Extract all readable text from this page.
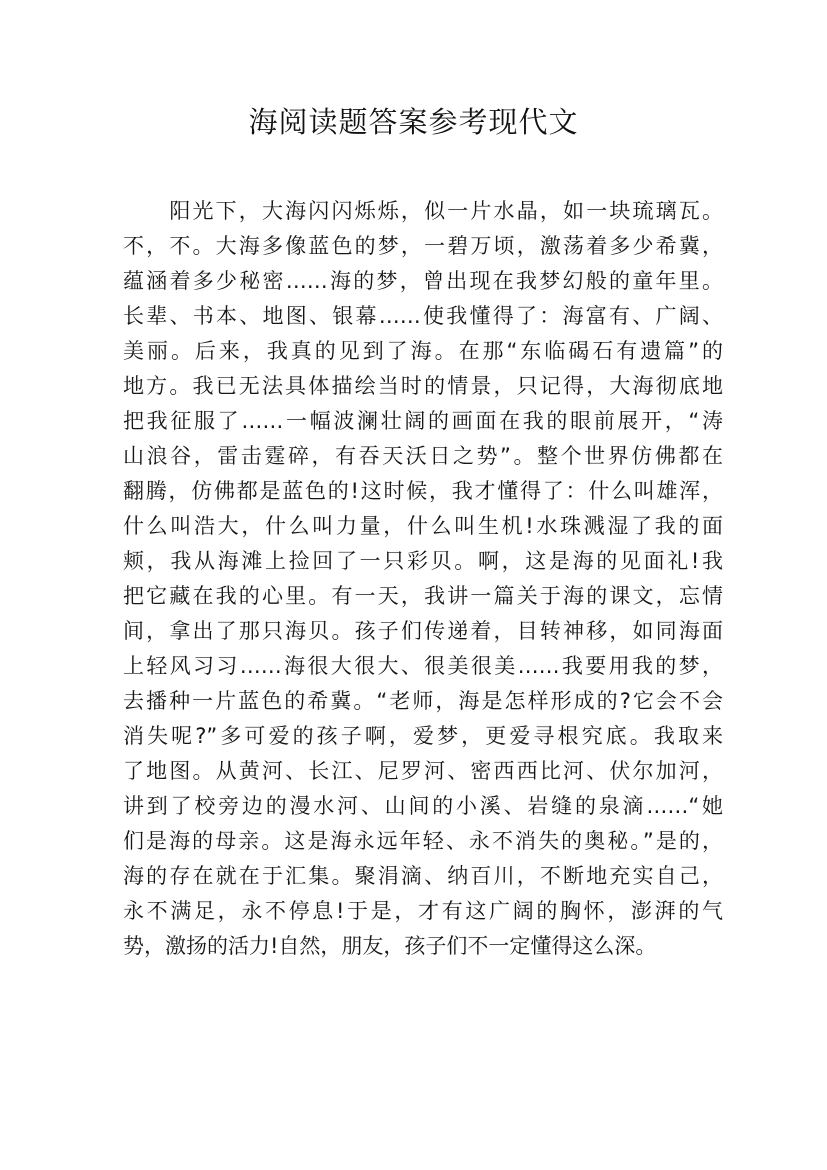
海阅读题答案参考现代文
　　阳光下，大海闪闪烁烁，似一片水晶，如一块琉璃瓦。
不，不。大海多像蓝色的梦，一碧万顷，激荡着多少希冀，
蕴涵着多少秘密……海的梦，曾出现在我梦幻般的童年里。
长辈、书本、地图、银幕……使我懂得了：海富有、广阔、
美丽。后来，我真的见到了海。在那“东临碣石有遗篇”的
地方。我已无法具体描绘当时的情景，只记得，大海彻底地
把我征服了……一幅波澜壮阔的画面在我的眼前展开，“涛
山浪谷，雷击霆碎，有吞天沃日之势”。整个世界仿佛都在
翻腾，仿佛都是蓝色的!这时候，我才懂得了：什么叫雄浑，
什么叫浩大，什么叫力量，什么叫生机!水珠溅湿了我的面
颊，我从海滩上捡回了一只彩贝。啊，这是海的见面礼!我
把它藏在我的心里。有一天，我讲一篇关于海的课文，忘情
间，拿出了那只海贝。孩子们传递着，目转神移，如同海面
上轻风习习……海很大很大、很美很美……我要用我的梦，
去播种一片蓝色的希冀。“老师，海是怎样形成的?它会不会
消失呢?”多可爱的孩子啊，爱梦，更爱寻根究底。我取来
了地图。从黄河、长江、尼罗河、密西西比河、伏尔加河，
讲到了校旁边的漫水河、山间的小溪、岩缝的泉滴……“她
们是海的母亲。这是海永远年轻、永不消失的奥秘。”是的，
海的存在就在于汇集。聚涓滴、纳百川，不断地充实自己，
永不满足，永不停息!于是，才有这广阔的胸怀，澎湃的气
势，激扬的活力!自然，朋友，孩子们不一定懂得这么深。
